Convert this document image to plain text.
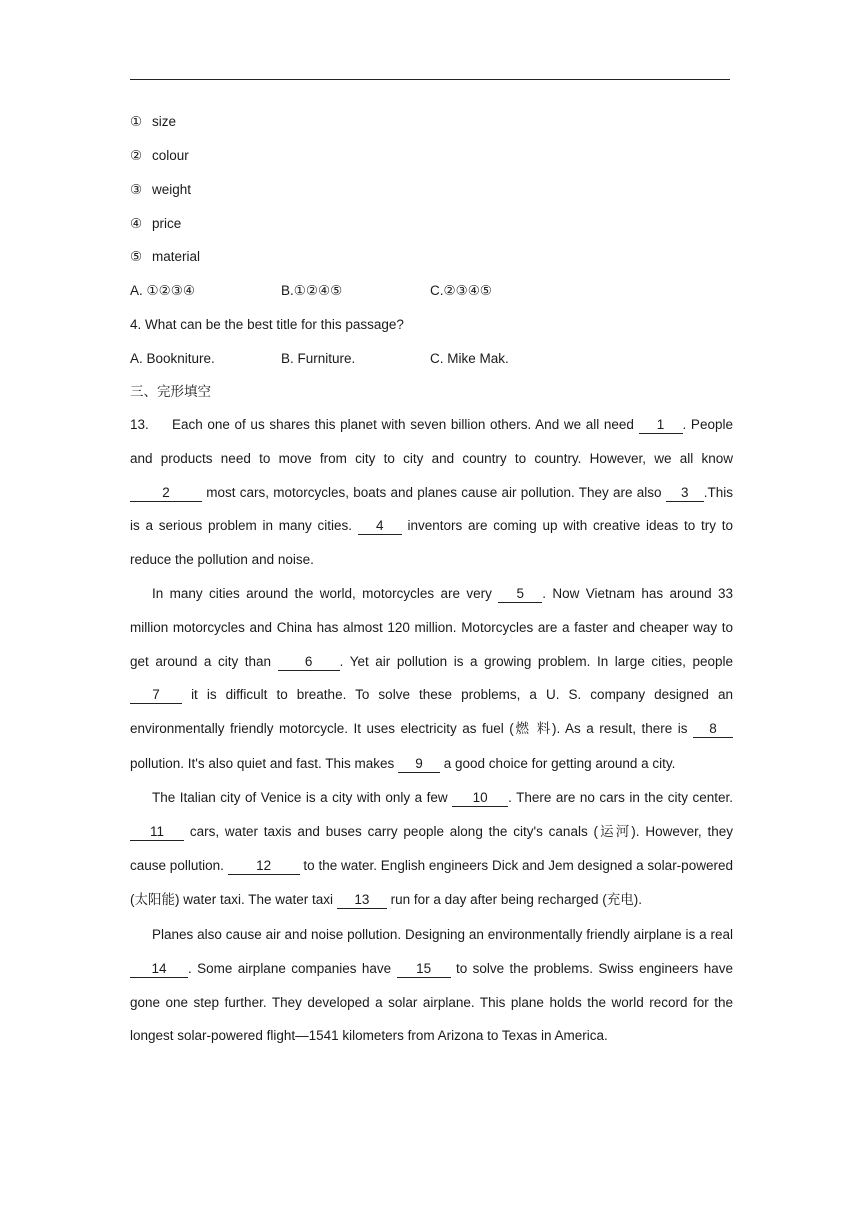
① size
② colour
③ weight
④ price
⑤ material
A. ①②③④	B.①②④⑤	C.②③④⑤
4. What can be the best title for this passage?
A. Bookniture.	B. Furniture.	C. Mike Mak.
三、完形填空

13. Each one of us shares this planet with seven billion others. And we all need 1 . People and products need to move from city to city and country to country. However, we all know 2	most cars, motorcycles, boats and planes cause air pollution. They are also 3 .This is a serious problem in many cities. 4 inventors are coming up with creative ideas to try to reduce the pollution and noise.

In many cities around the world, motorcycles are very 5 . Now Vietnam has around 33 million motorcycles and China has almost 120 million. Motorcycles are a faster and cheaper way to get around a city than	6 . Yet air pollution is a growing problem. In large cities, people 7 it is difficult to breathe. To solve these problems, a U. S. company designed an environmentally friendly motorcycle. It uses electricity as fuel (燃 料). As a result, there is 8 pollution. It's also quiet and fast. This makes 9 a good choice for getting around a city.

The Italian city of Venice is a city with only a few 10 . There are no cars in the city center. 11 cars, water taxis and buses carry people along the city's canals (运河). However, they cause pollution. 12 to the water. English engineers Dick and Jem designed a solar-powered (太阳能) water taxi. The water taxi 13 run for a day after being recharged (充电).

Planes also cause air and noise pollution. Designing an environmentally friendly airplane is a real 14 . Some airplane companies have 15 to solve the problems. Swiss engineers have gone one step further. They developed a solar airplane. This plane holds the world record for the longest solar-powered flight—1541 kilometers from Arizona to Texas in America.
